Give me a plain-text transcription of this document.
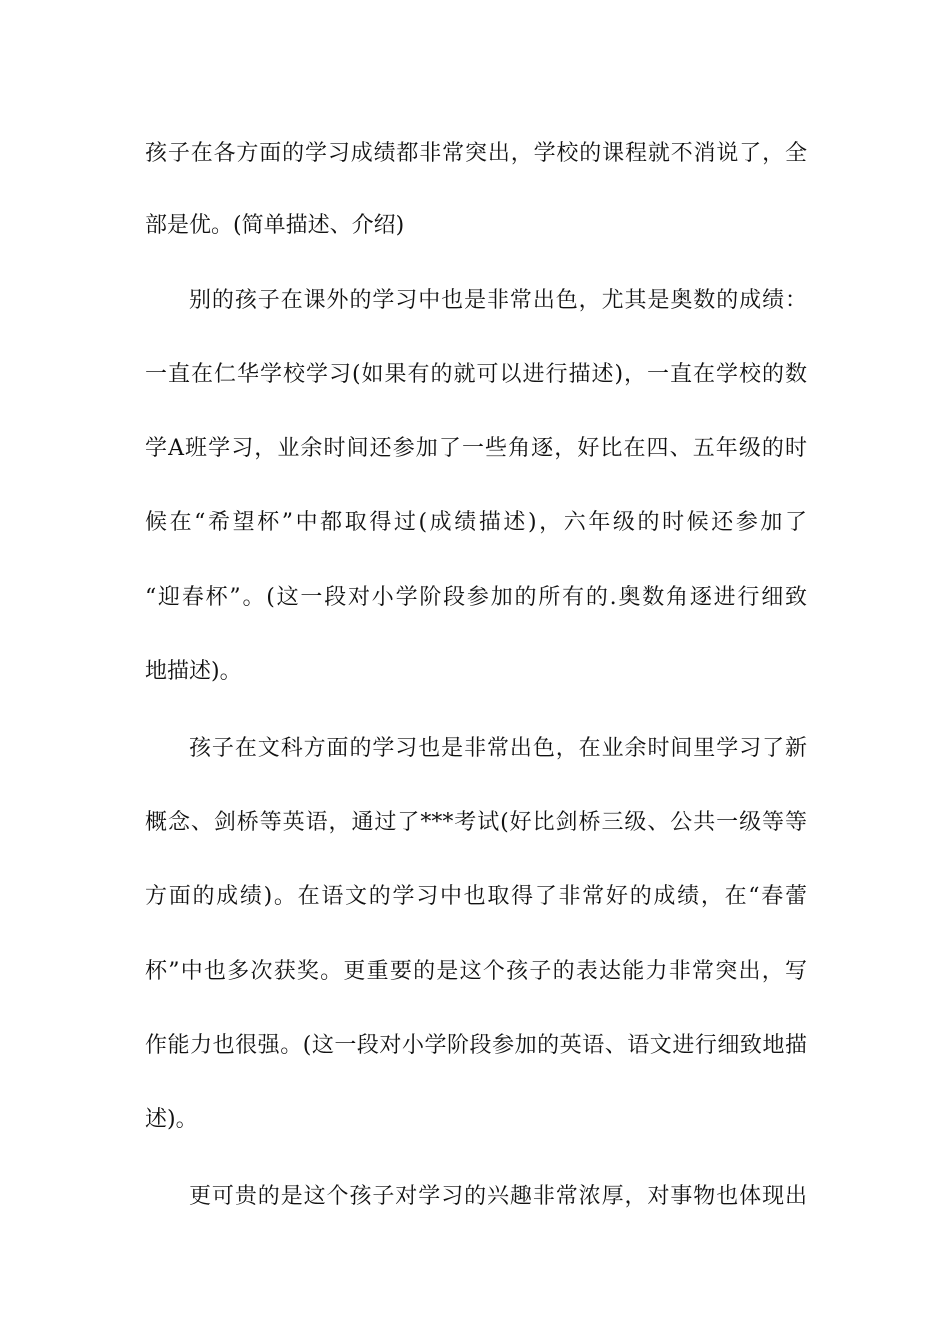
孩子在各方面的学习成绩都非常突出，学校的课程就不消说了，全
部是优。(简单描述、介绍)
别的孩子在课外的学习中也是非常出色，尤其是奥数的成绩：
一直在仁华学校学习(如果有的就可以进行描述)，一直在学校的数
学A班学习，业余时间还参加了一些角逐，好比在四、五年级的时
候在“希望杯”中都取得过(成绩描述)，六年级的时候还参加了
“迎春杯”。(这一段对小学阶段参加的所有的.奥数角逐进行细致
地描述)。
孩子在文科方面的学习也是非常出色，在业余时间里学习了新
概念、剑桥等英语，通过了***考试(好比剑桥三级、公共一级等等
方面的成绩)。在语文的学习中也取得了非常好的成绩，在“春蕾
杯”中也多次获奖。更重要的是这个孩子的表达能力非常突出，写
作能力也很强。(这一段对小学阶段参加的英语、语文进行细致地描
述)。
更可贵的是这个孩子对学习的兴趣非常浓厚，对事物也体现出
